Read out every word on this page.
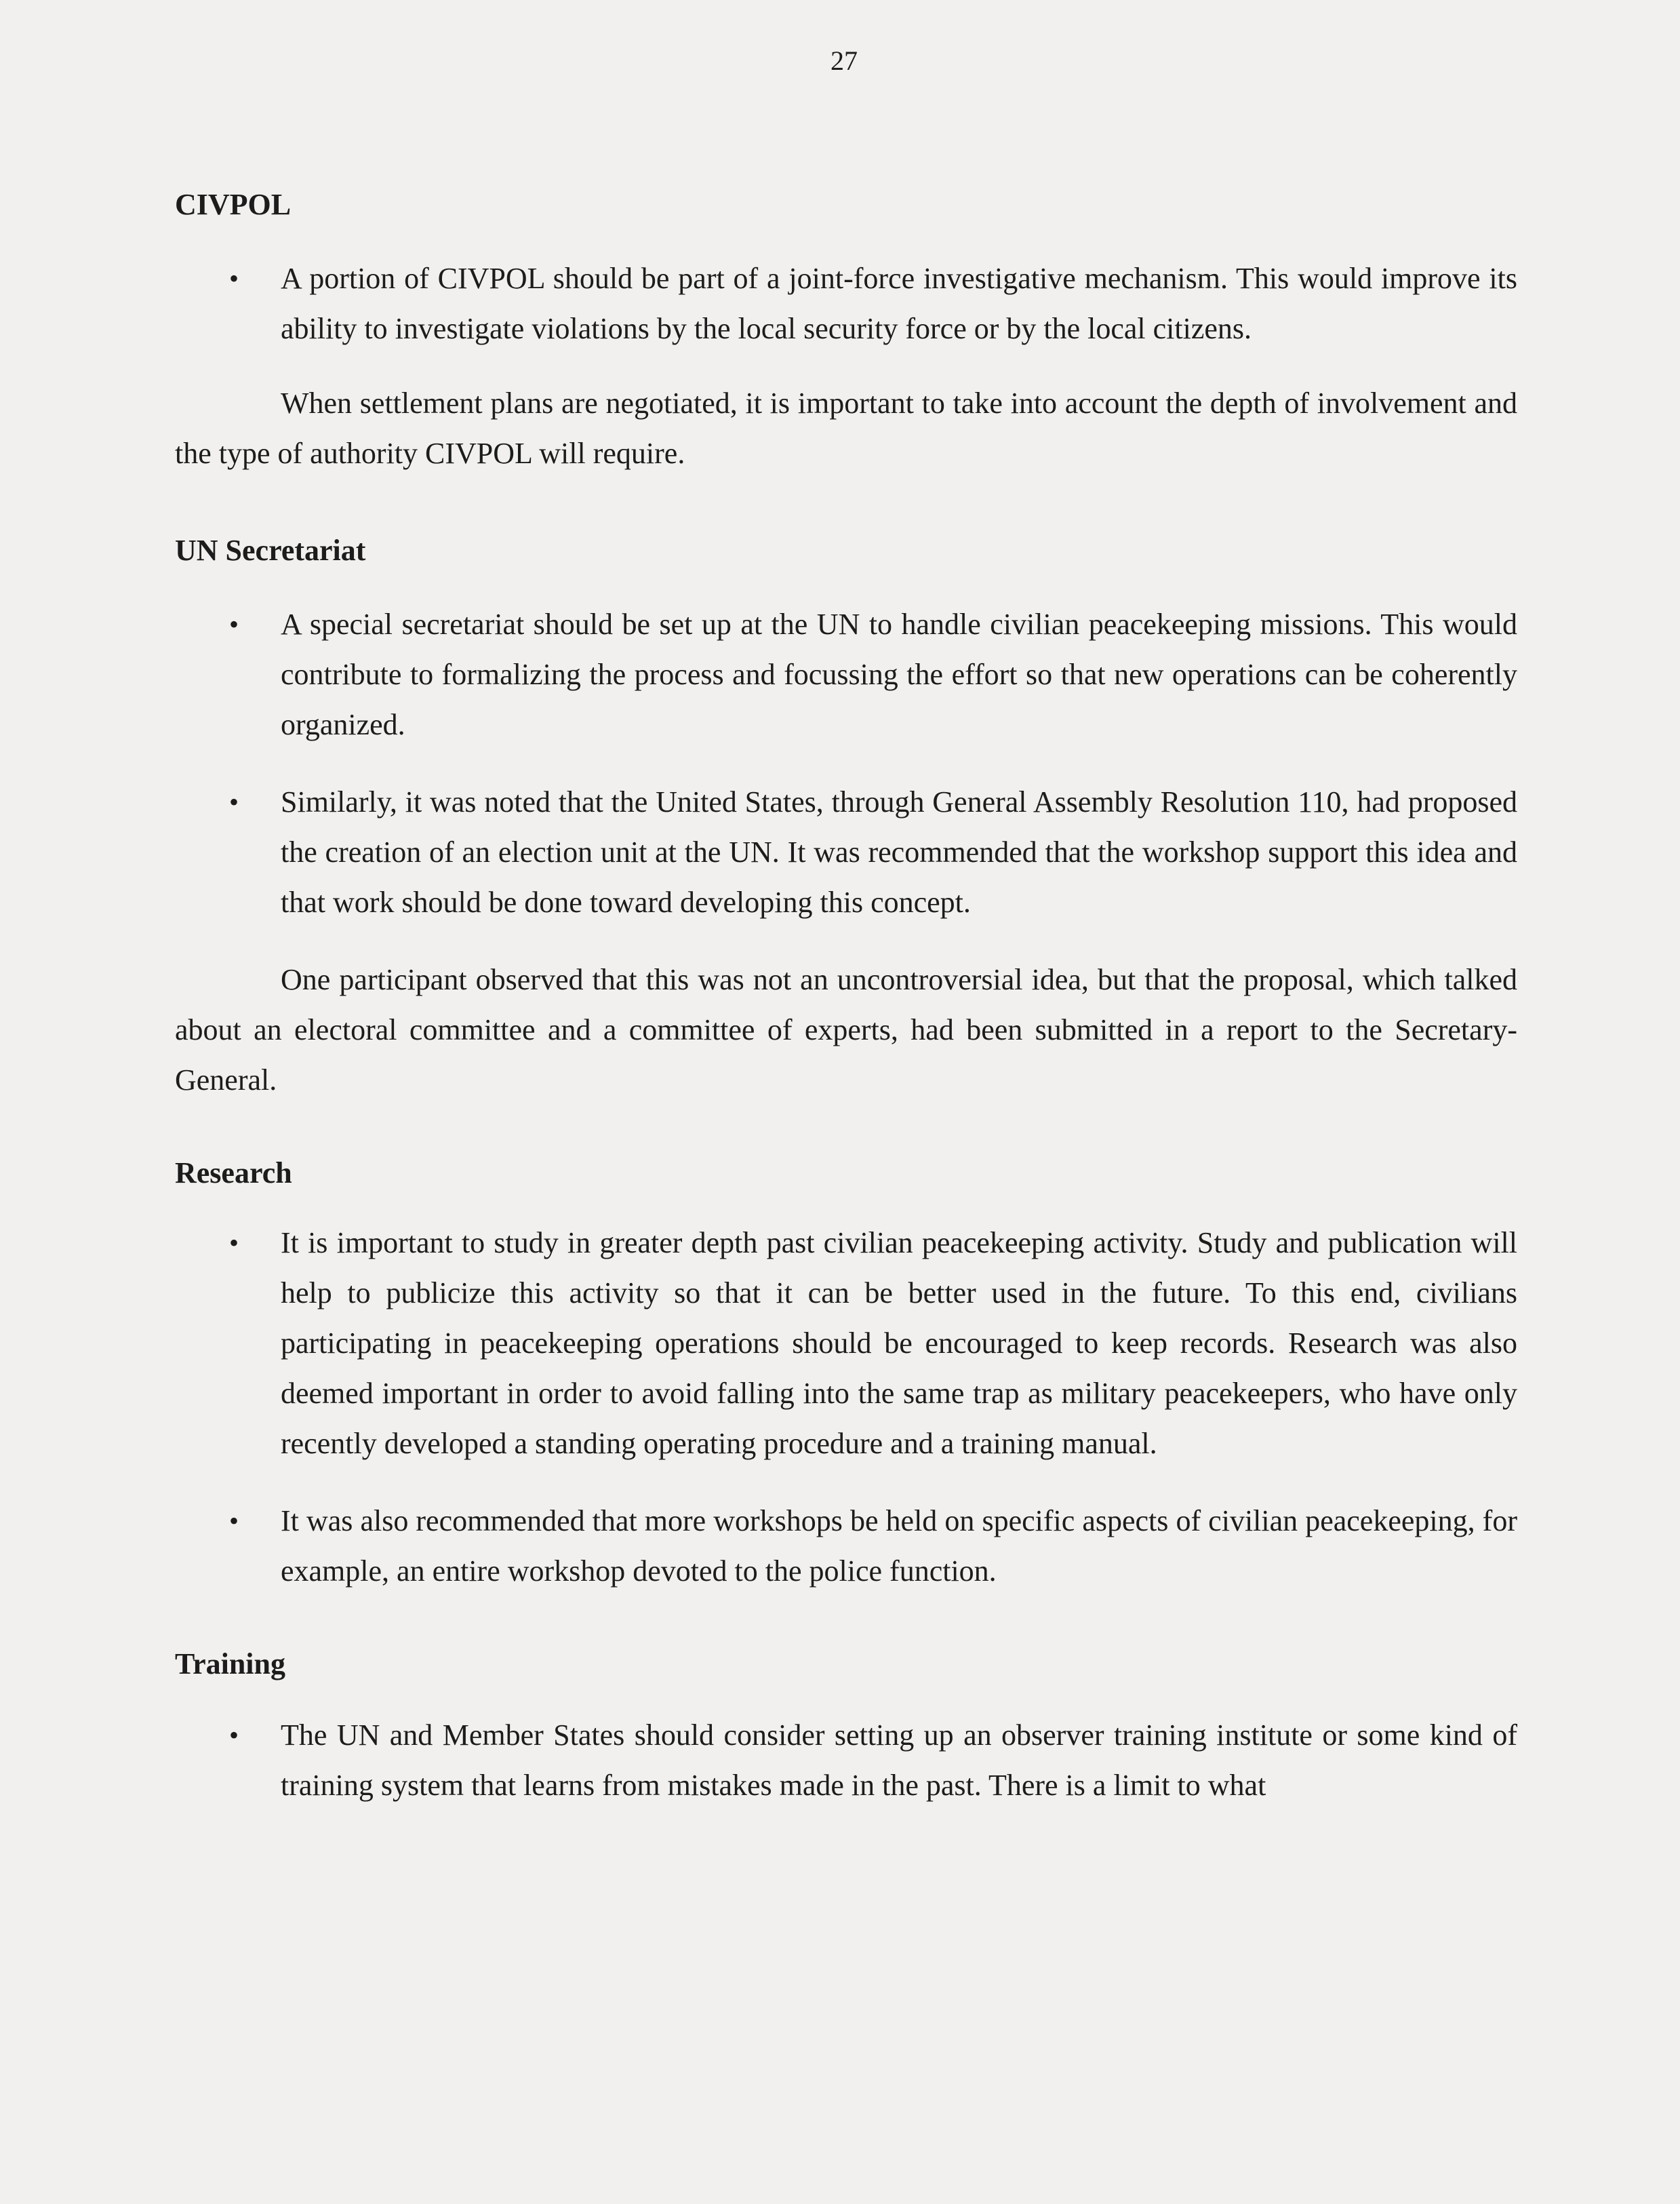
27
CIVPOL

• A portion of CIVPOL should be part of a joint-force investigative mechanism. This would improve its ability to investigate violations by the local security force or by the local citizens.

When settlement plans are negotiated, it is important to take into account the depth of involvement and the type of authority CIVPOL will require.

UN Secretariat

• A special secretariat should be set up at the UN to handle civilian peacekeeping missions. This would contribute to formalizing the process and focussing the effort so that new operations can be coherently organized.

• Similarly, it was noted that the United States, through General Assembly Resolution 110, had proposed the creation of an election unit at the UN. It was recommended that the workshop support this idea and that work should be done toward developing this concept.

One participant observed that this was not an uncontroversial idea, but that the proposal, which talked about an electoral committee and a committee of experts, had been submitted in a report to the Secretary-General.

Research

• It is important to study in greater depth past civilian peacekeeping activity. Study and publication will help to publicize this activity so that it can be better used in the future. To this end, civilians participating in peacekeeping operations should be encouraged to keep records. Research was also deemed important in order to avoid falling into the same trap as military peacekeepers, who have only recently developed a standing operating procedure and a training manual.

• It was also recommended that more workshops be held on specific aspects of civilian peacekeeping, for example, an entire workshop devoted to the police function.

Training

• The UN and Member States should consider setting up an observer training institute or some kind of training system that learns from mistakes made in the past. There is a limit to what
